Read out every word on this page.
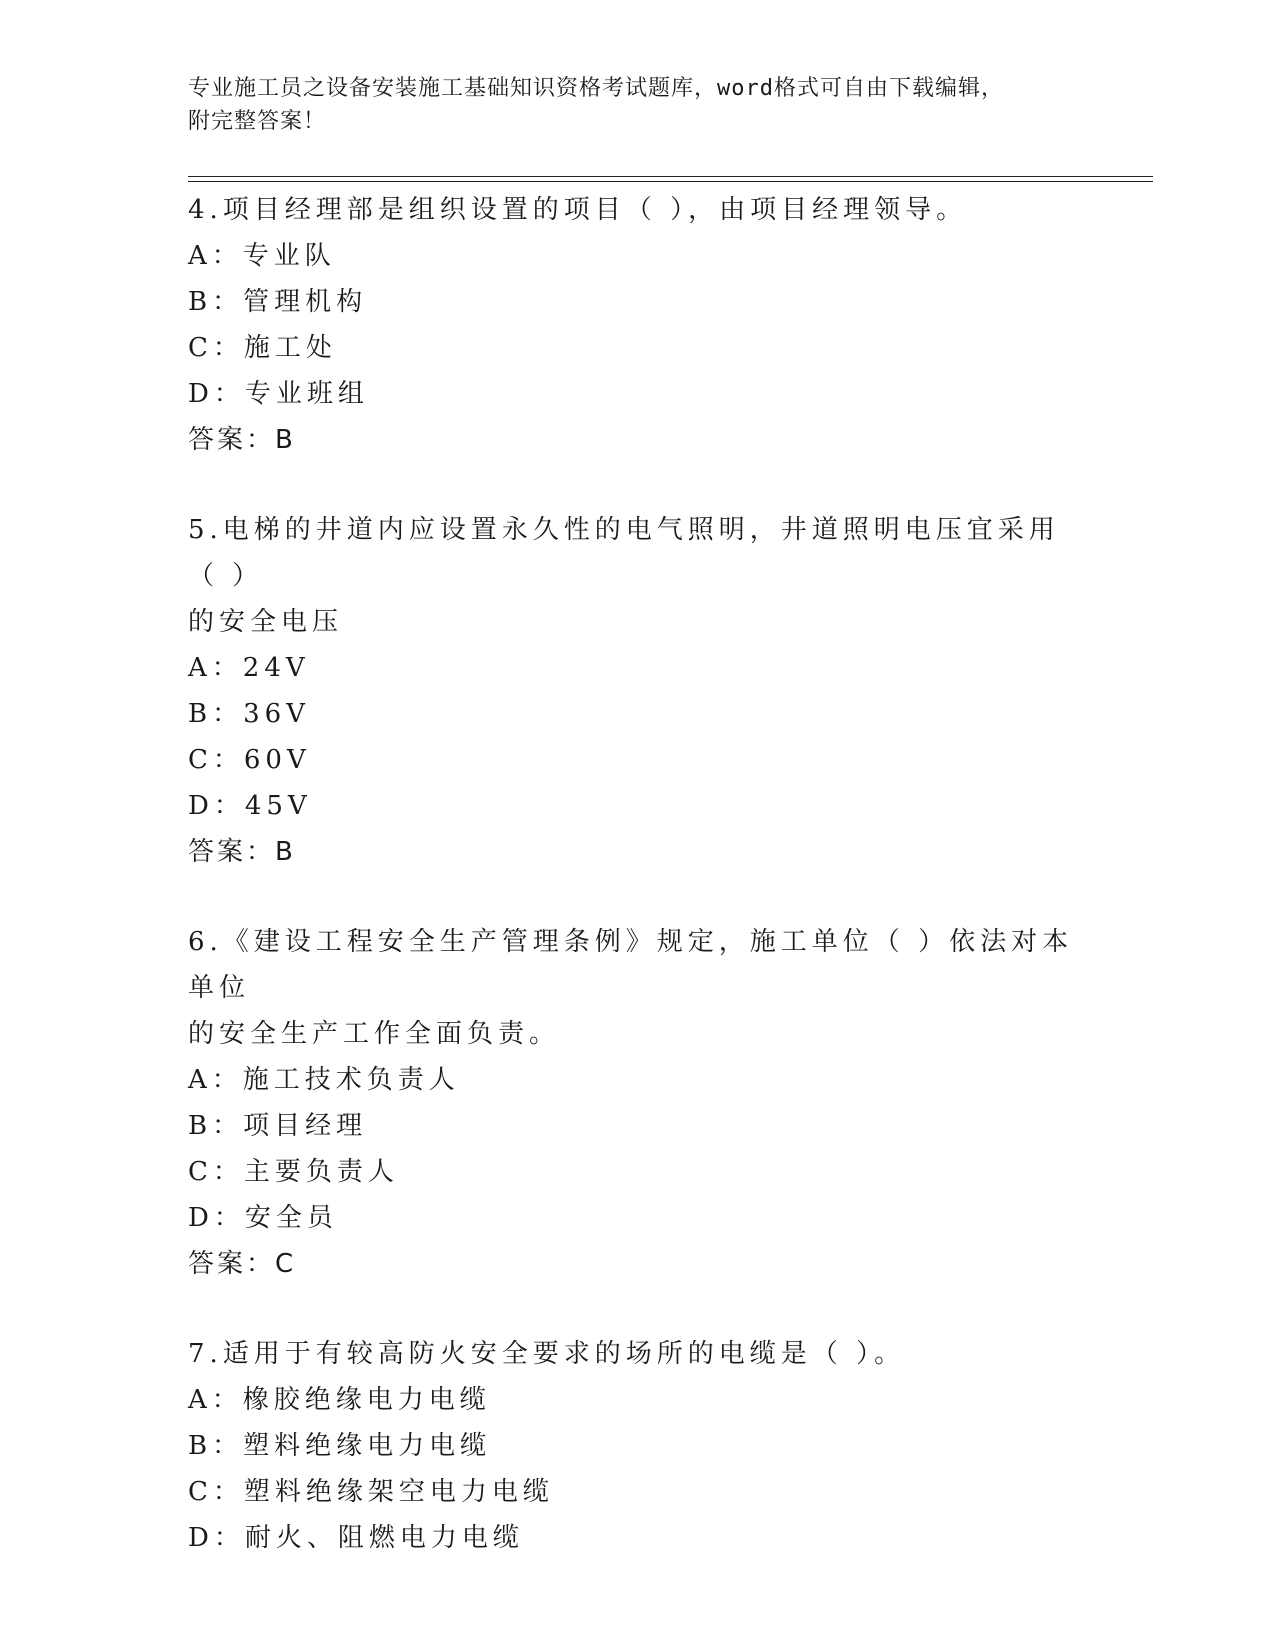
专业施工员之设备安装施工基础知识资格考试题库，word格式可自由下载编辑，
附完整答案！

4.项目经理部是组织设置的项目（ ），由项目经理领导。

A：专业队

B：管理机构

C：施工处

D：专业班组

答案：B

5.电梯的井道内应设置永久性的电气照明，井道照明电压宜采用（ ）

的安全电压

A：24V

B：36V

C：60V

D：45V

答案：B

6.《建设工程安全生产管理条例》规定，施工单位（ ）依法对本单位

的安全生产工作全面负责。

A：施工技术负责人

B：项目经理

C：主要负责人

D：安全员

答案：C

7.适用于有较高防火安全要求的场所的电缆是（ ）。

A：橡胶绝缘电力电缆

B：塑料绝缘电力电缆

C：塑料绝缘架空电力电缆

D：耐火、阻燃电力电缆
